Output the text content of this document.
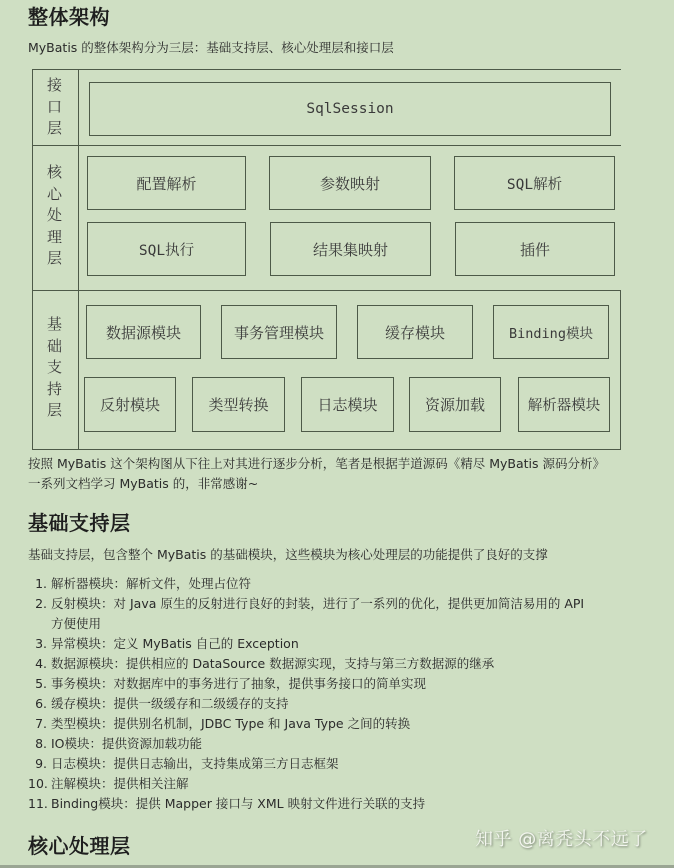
整体架构
MyBatis 的整体架构分为三层：基础支持层、核心处理层和接口层
接
口
层
SqlSession
核
心
处
理
层
配置解析	参数映射	SQL解析
SQL执行	结果集映射	插件
基
础
支
持
层
数据源模块	事务管理模块	缓存模块	Binding模块
反射模块	类型转换	日志模块	资源加载	解析器模块
按照 MyBatis 这个架构图从下往上对其进行逐步分析，笔者是根据芋道源码《精尽 MyBatis 源码分析》
一系列文档学习 MyBatis 的，非常感谢~
基础支持层
基础支持层，包含整个 MyBatis 的基础模块，这些模块为核心处理层的功能提供了良好的支撑
1. 解析器模块：解析文件，处理占位符
2. 反射模块：对 Java 原生的反射进行良好的封装，进行了一系列的优化，提供更加简洁易用的 API
方便使用
3. 异常模块：定义 MyBatis 自己的 Exception
4. 数据源模块：提供相应的 DataSource 数据源实现，支持与第三方数据源的继承
5. 事务模块：对数据库中的事务进行了抽象，提供事务接口的简单实现
6. 缓存模块：提供一级缓存和二级缓存的支持
7. 类型模块：提供别名机制，JDBC Type 和 Java Type 之间的转换
8. IO模块：提供资源加载功能
9. 日志模块：提供日志输出，支持集成第三方日志框架
10. 注解模块：提供相关注解
11. Binding模块：提供 Mapper 接口与 XML 映射文件进行关联的支持
核心处理层	知乎 @离秃头不远了
